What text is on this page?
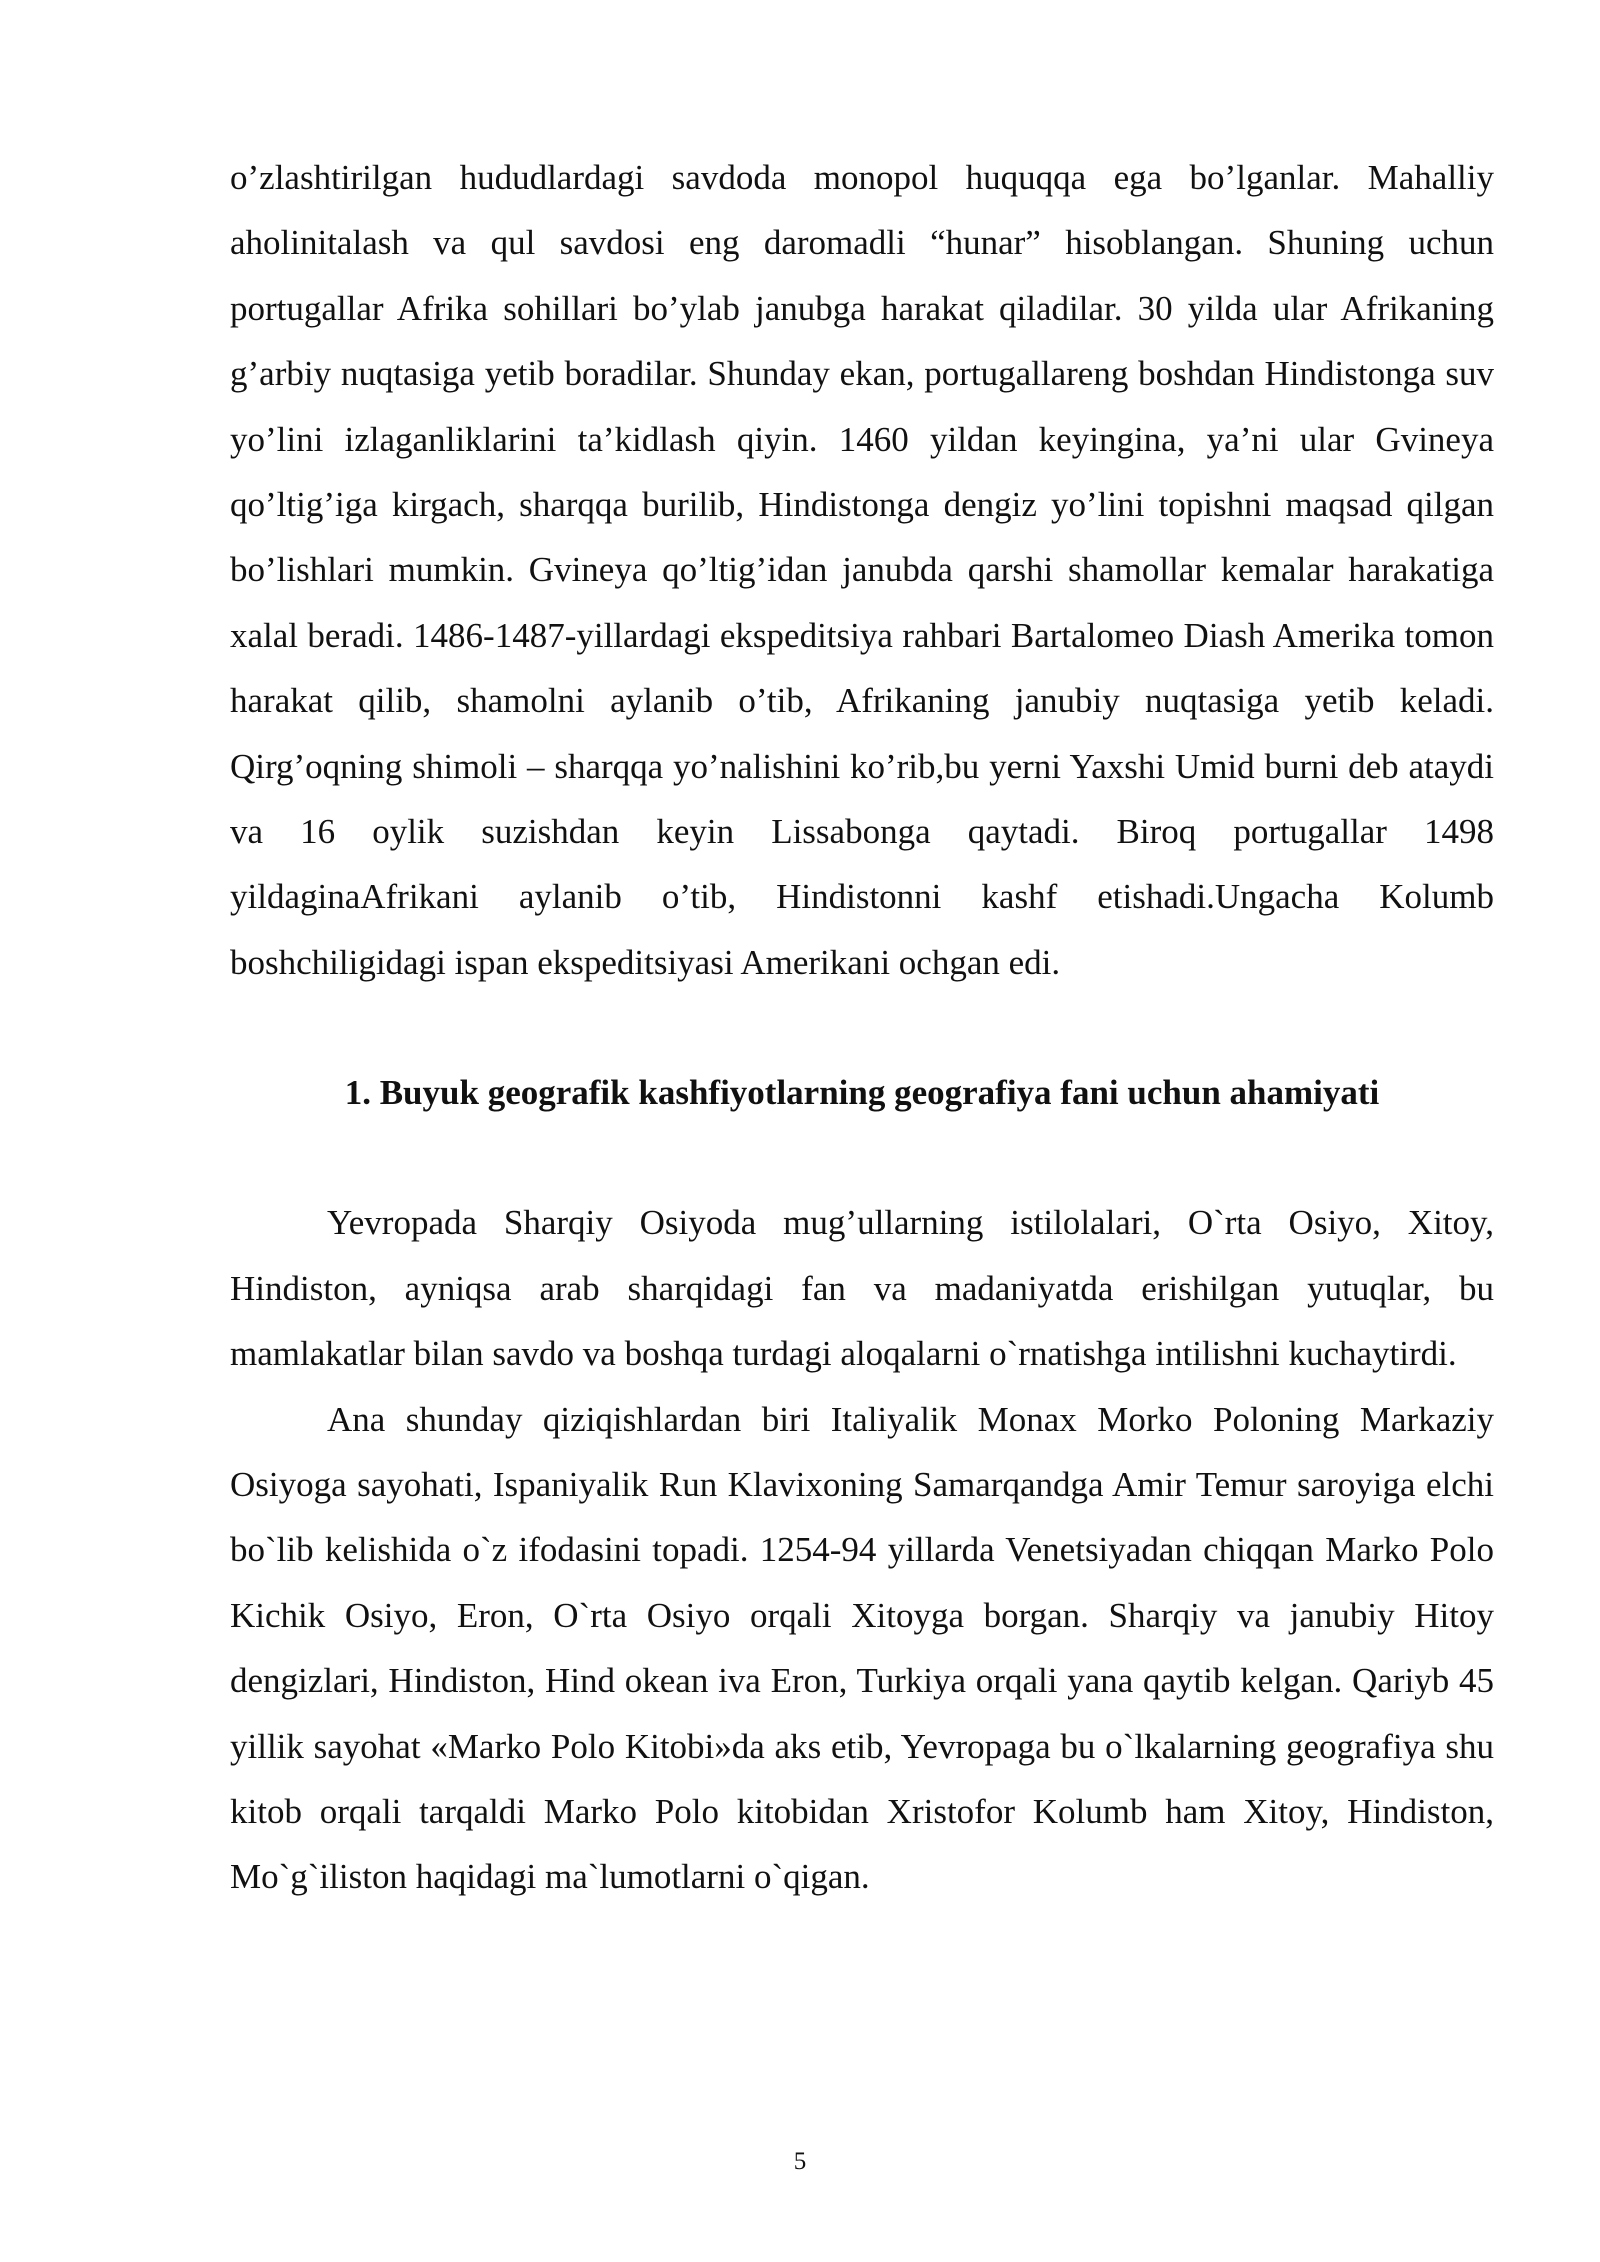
o’zlashtirilgan hududlardagi savdoda monopol huquqqa ega bo’lganlar. Mahalliy aholinitalash va qul savdosi eng daromadli “hunar” hisoblangan. Shuning uchun portugallar Afrika sohillari bo’ylab janubga harakat qiladilar. 30 yilda ular Afrikaning g’arbiy nuqtasiga yetib boradilar. Shunday ekan, portugallareng boshdan Hindistonga suv yo’lini izlaganliklarini ta’kidlash qiyin. 1460 yildan keyingina, ya’ni ular Gvineya qo’ltig’iga kirgach, sharqqa burilib, Hindistonga dengiz yo’lini topishni maqsad qilgan bo’lishlari mumkin. Gvineya qo’ltig’idan janubda qarshi shamollar kemalar harakatiga xalal beradi. 1486-1487-yillardagi ekspeditsiya rahbari Bartalomeo Diash Amerika tomon harakat qilib, shamolni aylanib o’tib, Afrikaning janubiy nuqtasiga yetib keladi. Qirg’oqning shimoli – sharqqa yo’nalishini ko’rib,bu yerni Yaxshi Umid burni deb ataydi va 16 oylik suzishdan keyin Lissabonga qaytadi. Biroq portugallar 1498 yildaginaAfrikani aylanib o’tib, Hindistonni kashf etishadi.Ungacha Kolumb boshchiligidagi ispan ekspeditsiyasi Amerikani ochgan edi.

1. Buyuk geografik kashfiyotlarning geografiya fani uchun ahamiyati

Yevropada Sharqiy Osiyoda mug’ullarning istilolalari, O`rta Osiyo, Xitoy, Hindiston, ayniqsa arab sharqidagi fan va madaniyatda erishilgan yutuqlar, bu mamlakatlar bilan savdo va boshqa turdagi aloqalarni o`rnatishga intilishni kuchaytirdi.

Ana shunday qiziqishlardan biri Italiyalik Monax Morko Poloning Markaziy Osiyoga sayohati, Ispaniyalik Run Klavixoning Samarqandga Amir Temur saroyiga elchi bo`lib kelishida o`z ifodasini topadi. 1254-94 yillarda Venetsiyadan chiqqan Marko Polo Kichik Osiyo, Eron, O`rta Osiyo orqali Xitoyga borgan. Sharqiy va janubiy Hitoy dengizlari, Hindiston, Hind okean iva Eron, Turkiya orqali yana qaytib kelgan. Qariyb 45 yillik sayohat «Marko Polo Kitobi»da aks etib, Yevropaga bu o`lkalarning geografiya shu kitob orqali tarqaldi Marko Polo kitobidan Xristofor Kolumb ham Xitoy, Hindiston, Mo`g`iliston haqidagi ma`lumotlarni o`qigan.

5
